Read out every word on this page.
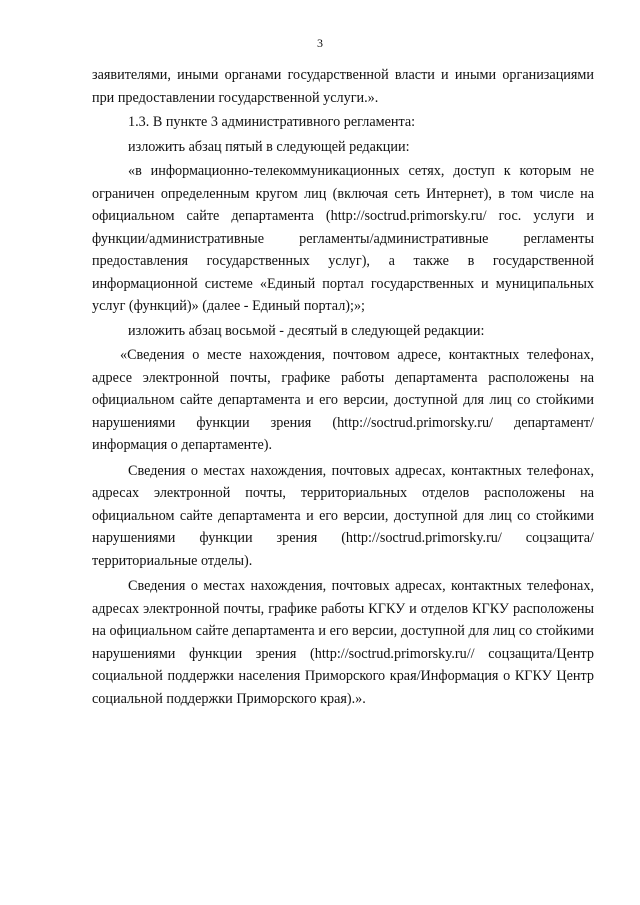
3

заявителями, иными органами государственной власти и иными организациями при предоставлении государственной услуги.».

1.3. В пункте 3 административного регламента:

изложить абзац пятый в следующей редакции:

«в информационно-телекоммуникационных сетях, доступ к которым не ограничен определенным кругом лиц (включая сеть Интернет), в том числе на официальном сайте департамента (http://soctrud.primorsky.ru/ гос. услуги и функции/административные регламенты/административные регламенты предоставления государственных услуг), а также в государственной информационной системе «Единый портал государственных и муниципальных услуг (функций)» (далее - Единый портал);»;

изложить абзац восьмой - десятый в следующей редакции:

«Сведения о месте нахождения, почтовом адресе, контактных телефонах, адресе электронной почты, графике работы департамента расположены на официальном сайте департамента и его версии, доступной для лиц со стойкими нарушениями функции зрения (http://soctrud.primorsky.ru/ департамент/информация о департаменте).

Сведения о местах нахождения, почтовых адресах, контактных телефонах, адресах электронной почты, территориальных отделов расположены на официальном сайте департамента и его версии, доступной для лиц со стойкими нарушениями функции зрения (http://soctrud.primorsky.ru/ соцзащита/территориальные отделы).

Сведения о местах нахождения, почтовых адресах, контактных телефонах, адресах электронной почты, графике работы КГКУ и отделов КГКУ расположены на официальном сайте департамента и его версии, доступной для лиц со стойкими нарушениями функции зрения (http://soctrud.primorsky.ru// соцзащита/Центр социальной поддержки населения Приморского края/Информация о КГКУ Центр социальной поддержки Приморского края).».
